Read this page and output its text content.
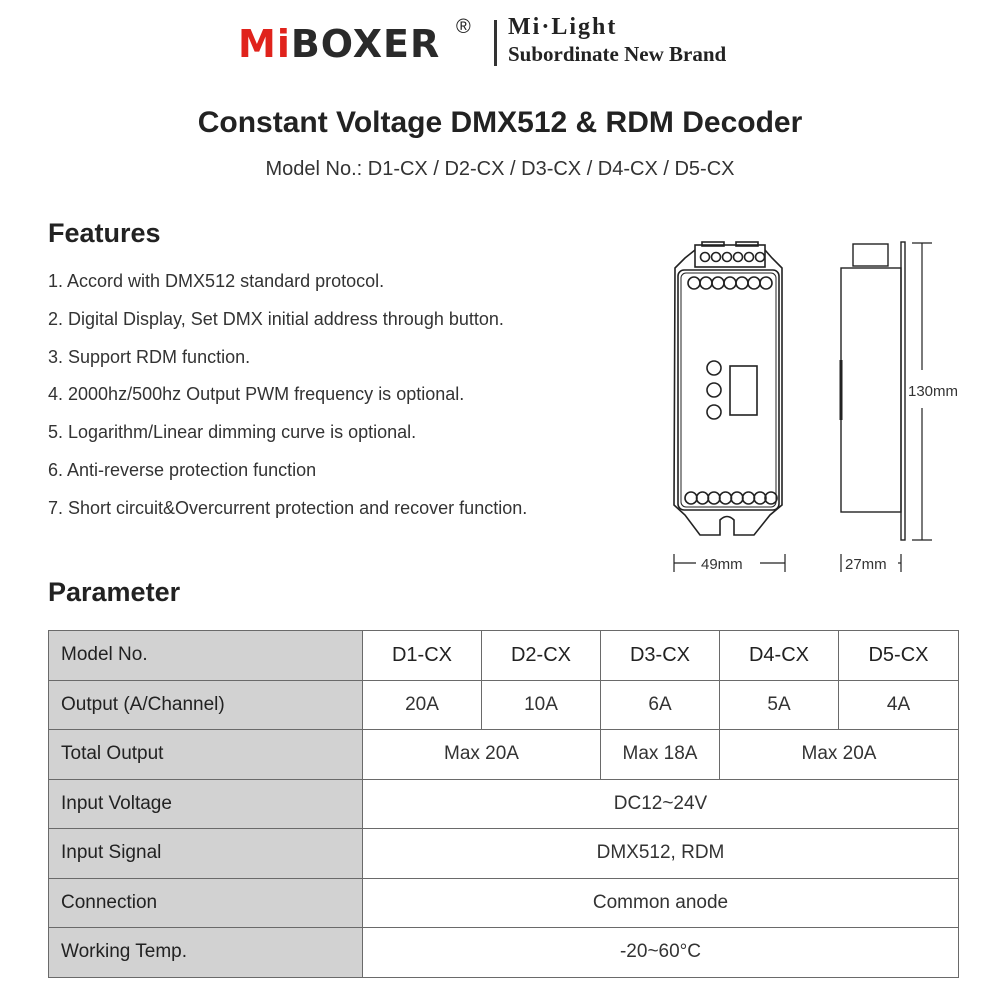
MiBOXER ® Mi·Light
Subordinate New Brand
Constant Voltage DMX512 & RDM Decoder
Model No.: D1-CX / D2-CX / D3-CX / D4-CX / D5-CX
Features
1. Accord with DMX512 standard protocol.
2. Digital Display, Set DMX initial address through button.
3. Support RDM function.
4. 2000hz/500hz Output PWM frequency is optional.
5. Logarithm/Linear dimming curve is optional.
6. Anti-reverse protection function
7. Short circuit&Overcurrent protection and recover function.
130mm
49mm	27mm
Parameter
Model No.	D1-CX	D2-CX	D3-CX	D4-CX	D5-CX
Output (A/Channel)	20A	10A	6A	5A	4A
Total Output	Max 20A		Max 18A	Max 20A	
Input Voltage	DC12~24V				
Input Signal	DMX512, RDM				
Connection	Common anode				
Working Temp.	-20~60°C				
